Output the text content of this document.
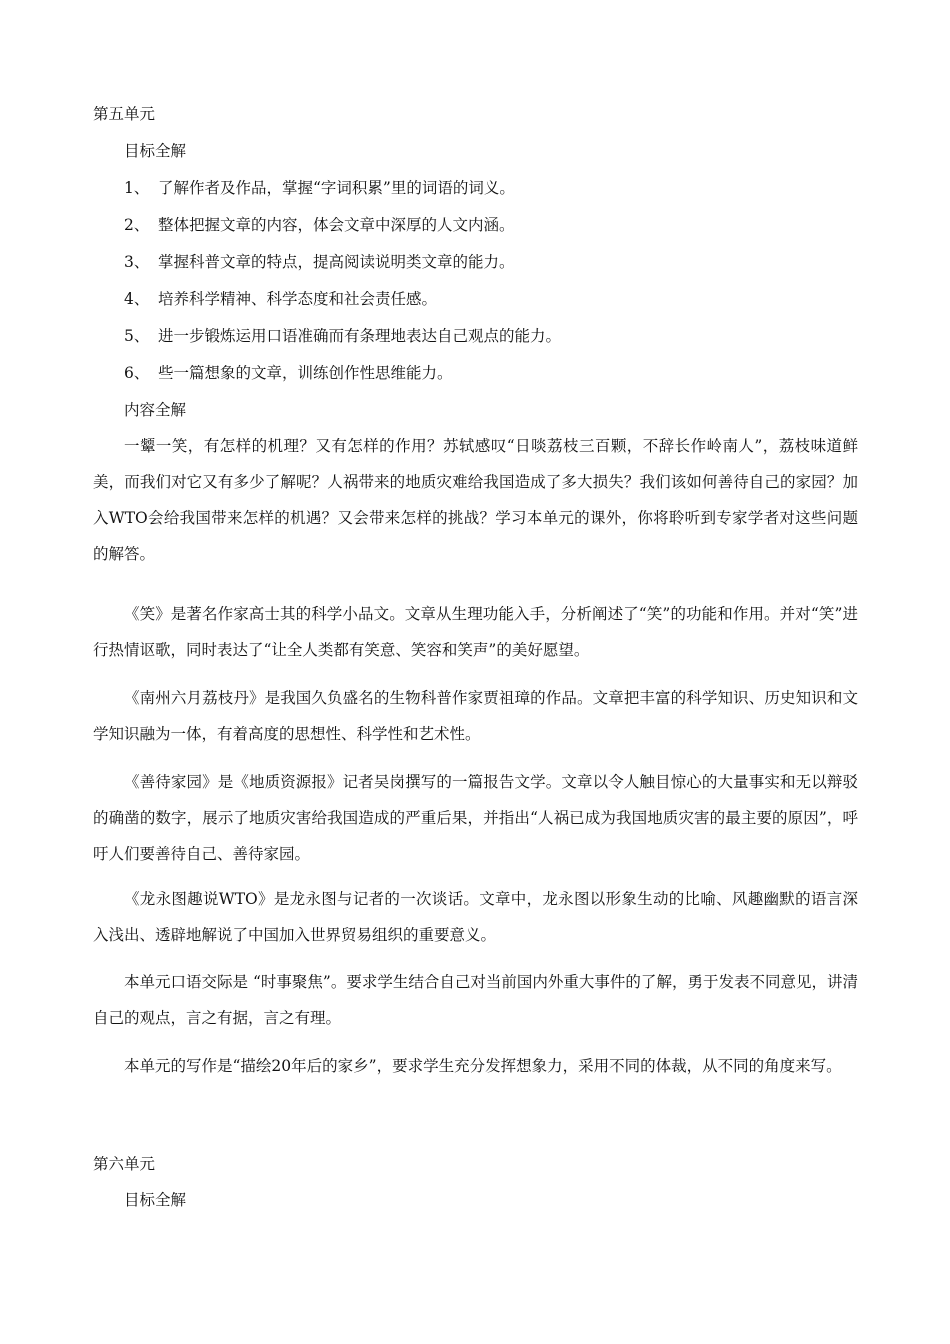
第五单元
目标全解
1、 了解作者及作品，掌握“字词积累”里的词语的词义。
2、 整体把握文章的内容，体会文章中深厚的人文内涵。
3、 掌握科普文章的特点，提高阅读说明类文章的能力。
4、 培养科学精神、科学态度和社会责任感。
5、 进一步锻炼运用口语准确而有条理地表达自己观点的能力。
6、 些一篇想象的文章，训练创作性思维能力。
内容全解

一颦一笑，有怎样的机理？又有怎样的作用？苏轼感叹“日啖荔枝三百颗，不辞长作岭南人”，荔枝味道鲜美，而我们对它又有多少了解呢？人祸带来的地质灾难给我国造成了多大损失？我们该如何善待自己的家园？加入WTO会给我国带来怎样的机遇？又会带来怎样的挑战？学习本单元的课外，你将聆听到专家学者对这些问题的解答。

《笑》是著名作家高士其的科学小品文。文章从生理功能入手，分析阐述了“笑”的功能和作用。并对“笑”进行热情讴歌，同时表达了“让全人类都有笑意、笑容和笑声”的美好愿望。

《南州六月荔枝丹》是我国久负盛名的生物科普作家贾祖璋的作品。文章把丰富的科学知识、历史知识和文学知识融为一体，有着高度的思想性、科学性和艺术性。

《善待家园》是《地质资源报》记者吴岗撰写的一篇报告文学。文章以令人触目惊心的大量事实和无以辩驳的确凿的数字，展示了地质灾害给我国造成的严重后果，并指出“人祸已成为我国地质灾害的最主要的原因”，呼吁人们要善待自己、善待家园。

《龙永图趣说WTO》是龙永图与记者的一次谈话。文章中，龙永图以形象生动的比喻、风趣幽默的语言深入浅出、透辟地解说了中国加入世界贸易组织的重要意义。

本单元口语交际是 “时事聚焦”。要求学生结合自己对当前国内外重大事件的了解，勇于发表不同意见，讲清自己的观点，言之有据，言之有理。

本单元的写作是“描绘20年后的家乡”，要求学生充分发挥想象力，采用不同的体裁，从不同的角度来写。

第六单元
目标全解
